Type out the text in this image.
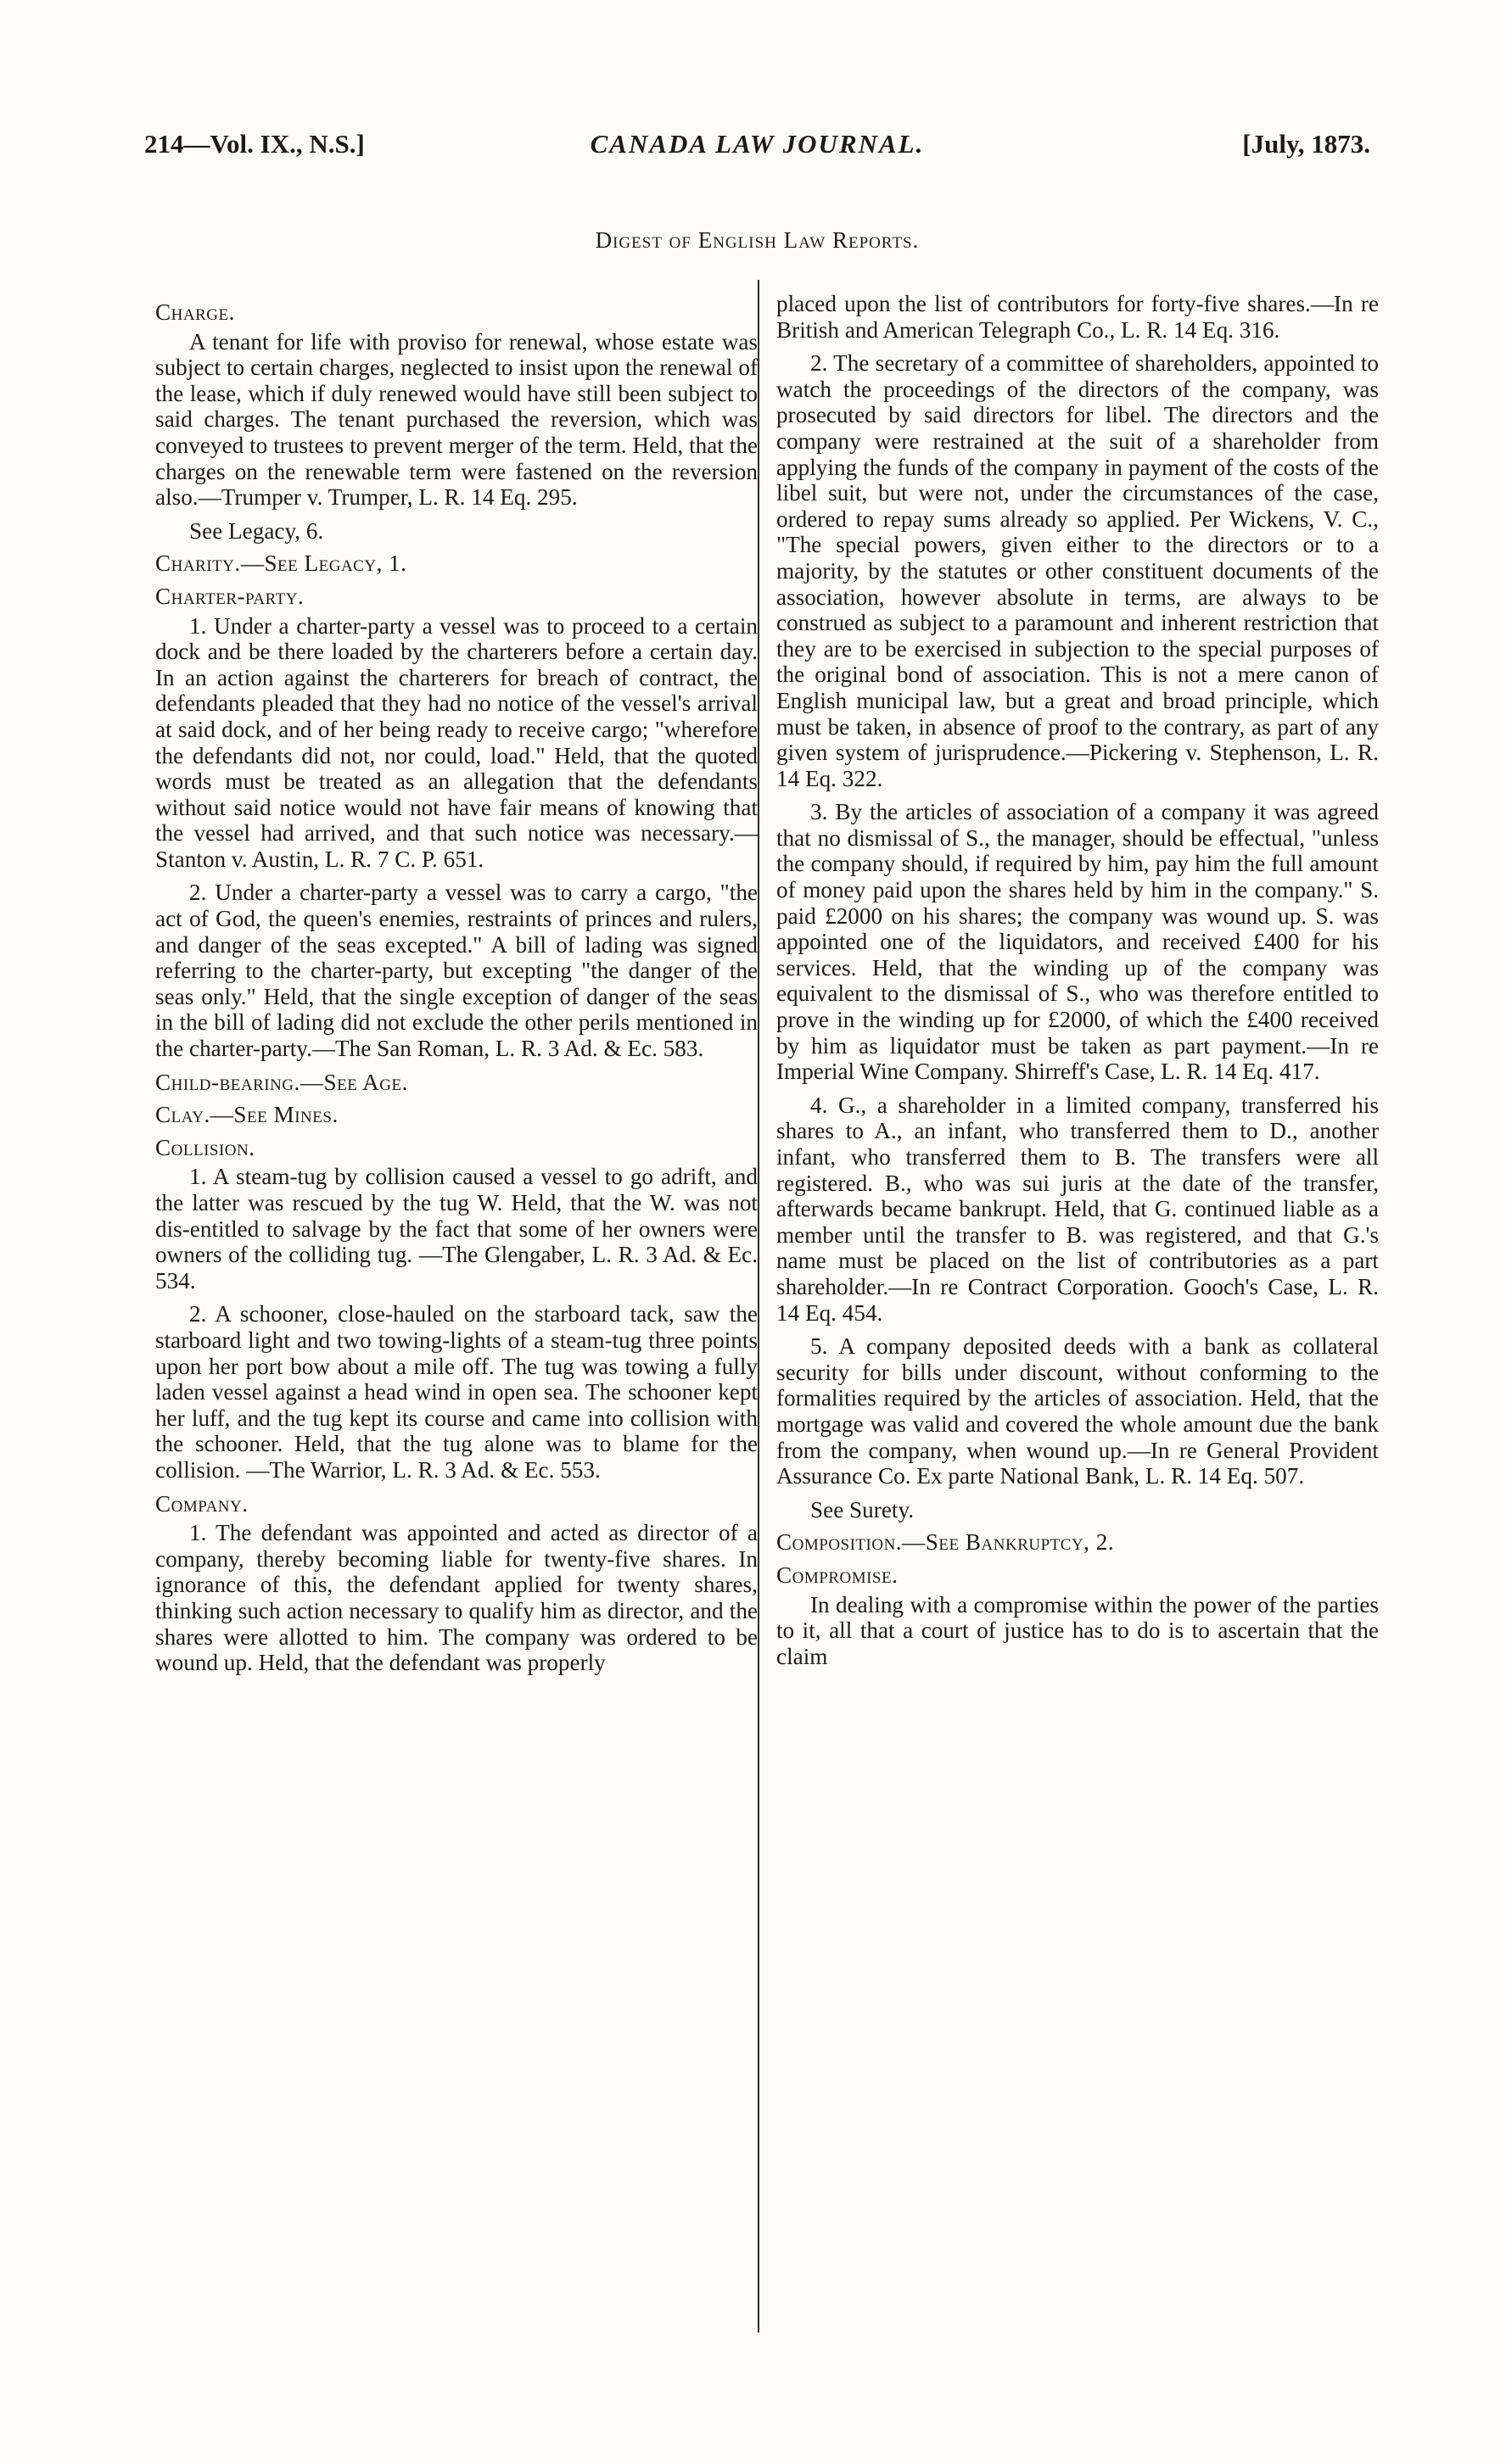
214—Vol. IX., N.S.]	CANADA LAW JOURNAL.	[July, 1873.
Digest of English Law Reports.

Charge.

A tenant for life with proviso for renewal, whose estate was subject to certain charges, neglected to insist upon the renewal of the lease, which if duly renewed would have still been subject to said charges. The tenant purchased the reversion, which was conveyed to trustees to prevent merger of the term. Held, that the charges on the renewable term were fastened on the reversion also.—Trumper v. Trumper, L. R. 14 Eq. 295.

See Legacy, 6.

Charity.—See Legacy, 1.

Charter-party.

1. Under a charter-party a vessel was to proceed to a certain dock and be there loaded by the charterers before a certain day. In an action against the charterers for breach of contract, the defendants pleaded that they had no notice of the vessel's arrival at said dock, and of her being ready to receive cargo; "wherefore the defendants did not, nor could, load." Held, that the quoted words must be treated as an allegation that the defendants without said notice would not have fair means of knowing that the vessel had arrived, and that such notice was necessary.—Stanton v. Austin, L. R. 7 C. P. 651.

2. Under a charter-party a vessel was to carry a cargo, "the act of God, the queen's enemies, restraints of princes and rulers, and danger of the seas excepted." A bill of lading was signed referring to the charter-party, but excepting "the danger of the seas only." Held, that the single exception of danger of the seas in the bill of lading did not exclude the other perils mentioned in the charter-party.—The San Roman, L. R. 3 Ad. & Ec. 583.

Child-bearing.—See Age.

Clay.—See Mines.

Collision.

1. A steam-tug by collision caused a vessel to go adrift, and the latter was rescued by the tug W. Held, that the W. was not dis-entitled to salvage by the fact that some of her owners were owners of the colliding tug. —The Glengaber, L. R. 3 Ad. & Ec. 534.

2. A schooner, close-hauled on the starboard tack, saw the starboard light and two towing-lights of a steam-tug three points upon her port bow about a mile off. The tug was towing a fully laden vessel against a head wind in open sea. The schooner kept her luff, and the tug kept its course and came into collision with the schooner. Held, that the tug alone was to blame for the collision. —The Warrior, L. R. 3 Ad. & Ec. 553.

Company.

1. The defendant was appointed and acted as director of a company, thereby becoming liable for twenty-five shares. In ignorance of this, the defendant applied for twenty shares, thinking such action necessary to qualify him as director, and the shares were allotted to him. The company was ordered to be wound up. Held, that the defendant was properly

placed upon the list of contributors for forty-five shares.—In re British and American Telegraph Co., L. R. 14 Eq. 316.

2. The secretary of a committee of shareholders, appointed to watch the proceedings of the directors of the company, was prosecuted by said directors for libel. The directors and the company were restrained at the suit of a shareholder from applying the funds of the company in payment of the costs of the libel suit, but were not, under the circumstances of the case, ordered to repay sums already so applied. Per Wickens, V. C., "The special powers, given either to the directors or to a majority, by the statutes or other constituent documents of the association, however absolute in terms, are always to be construed as subject to a paramount and inherent restriction that they are to be exercised in subjection to the special purposes of the original bond of association. This is not a mere canon of English municipal law, but a great and broad principle, which must be taken, in absence of proof to the contrary, as part of any given system of jurisprudence.—Pickering v. Stephenson, L. R. 14 Eq. 322.

3. By the articles of association of a company it was agreed that no dismissal of S., the manager, should be effectual, "unless the company should, if required by him, pay him the full amount of money paid upon the shares held by him in the company." S. paid £2000 on his shares; the company was wound up. S. was appointed one of the liquidators, and received £400 for his services. Held, that the winding up of the company was equivalent to the dismissal of S., who was therefore entitled to prove in the winding up for £2000, of which the £400 received by him as liquidator must be taken as part payment.—In re Imperial Wine Company. Shirreff's Case, L. R. 14 Eq. 417.

4. G., a shareholder in a limited company, transferred his shares to A., an infant, who transferred them to D., another infant, who transferred them to B. The transfers were all registered. B., who was sui juris at the date of the transfer, afterwards became bankrupt. Held, that G. continued liable as a member until the transfer to B. was registered, and that G.'s name must be placed on the list of contributories as a part shareholder.—In re Contract Corporation. Gooch's Case, L. R. 14 Eq. 454.

5. A company deposited deeds with a bank as collateral security for bills under discount, without conforming to the formalities required by the articles of association. Held, that the mortgage was valid and covered the whole amount due the bank from the company, when wound up.—In re General Provident Assurance Co. Ex parte National Bank, L. R. 14 Eq. 507.

See Surety.

Composition.—See Bankruptcy, 2.

Compromise.

In dealing with a compromise within the power of the parties to it, all that a court of justice has to do is to ascertain that the claim
